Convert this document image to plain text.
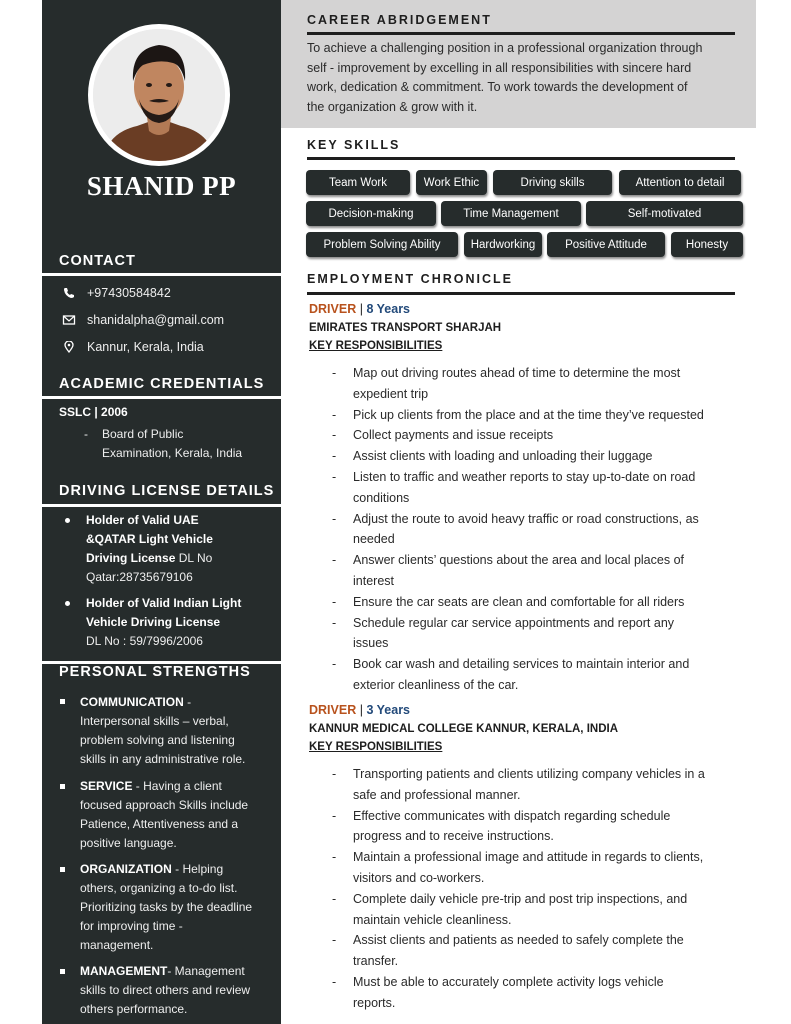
SHANID PP
CONTACT
+97430584842
shanidalpha@gmail.com
Kannur, Kerala, India
ACADEMIC CREDENTIALS
SSLC | 2006
- Board of Public
Examination, Kerala, India
DRIVING LICENSE DETAILS
Holder of Valid UAE
&QATAR Light Vehicle
Driving License DL No
Qatar:28735679106
Holder of Valid Indian Light
Vehicle Driving License
DL No : 59/7996/2006
PERSONAL STRENGTHS
COMMUNICATION -
Interpersonal skills – verbal,
problem solving and listening
skills in any administrative role.
SERVICE - Having a client
focused approach Skills include
Patience, Attentiveness and a
positive language.
ORGANIZATION - Helping
others, organizing a to-do list.
Prioritizing tasks by the deadline
for improving time -
management.
MANAGEMENT- Management
skills to direct others and review
others performance.
CAREER ABRIDGEMENT
To achieve a challenging position in a professional organization through
self - improvement by excelling in all responsibilities with sincere hard
work, dedication & commitment. To work towards the development of
the organization & grow with it.
KEY SKILLS
Team Work	Work Ethic	Driving skills	Attention to detail
Decision-making	Time Management	Self-motivated
Problem Solving Ability	Hardworking	Positive Attitude	Honesty
EMPLOYMENT CHRONICLE
DRIVER | 8 Years
EMIRATES TRANSPORT SHARJAH
KEY RESPONSIBILITIES
- Map out driving routes ahead of time to determine the most
expedient trip
- Pick up clients from the place and at the time they’ve requested
- Collect payments and issue receipts
- Assist clients with loading and unloading their luggage
- Listen to traffic and weather reports to stay up-to-date on road
conditions
- Adjust the route to avoid heavy traffic or road constructions, as
needed
- Answer clients’ questions about the area and local places of
interest
- Ensure the car seats are clean and comfortable for all riders
- Schedule regular car service appointments and report any
issues
- Book car wash and detailing services to maintain interior and
exterior cleanliness of the car.
DRIVER | 3 Years
KANNUR MEDICAL COLLEGE KANNUR, KERALA, INDIA
KEY RESPONSIBILITIES
- Transporting patients and clients utilizing company vehicles in a
safe and professional manner.
- Effective communicates with dispatch regarding schedule
progress and to receive instructions.
- Maintain a professional image and attitude in regards to clients,
visitors and co-workers.
- Complete daily vehicle pre-trip and post trip inspections, and
maintain vehicle cleanliness.
- Assist clients and patients as needed to safely complete the
transfer.
- Must be able to accurately complete activity logs vehicle
reports.
